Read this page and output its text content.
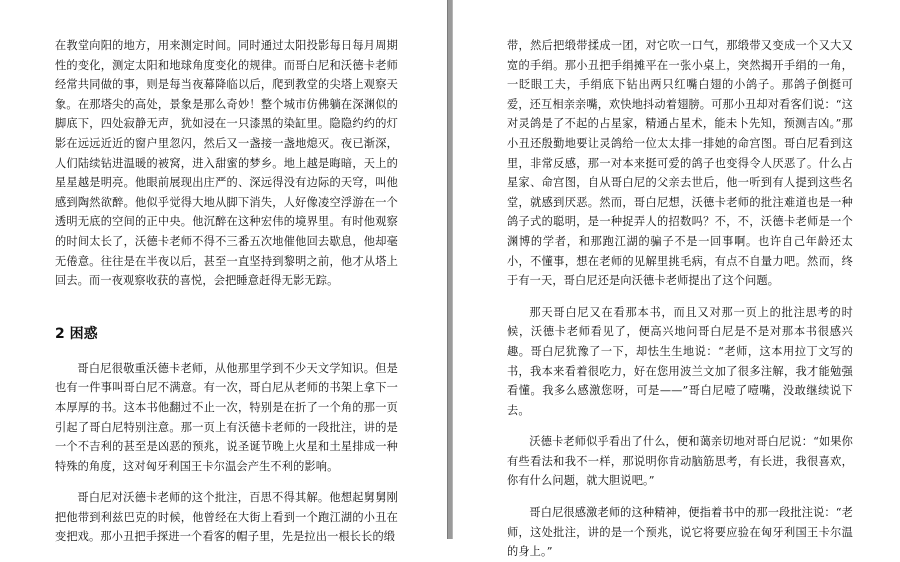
在教堂向阳的地方，用来测定时间。同时通过太阳投影每日每月周期性的变化，测定太阳和地球角度变化的规律。而哥白尼和沃德卡老师经常共同做的事，则是每当夜幕降临以后，爬到教堂的尖塔上观察天象。在那塔尖的高处，景象是那么奇妙！整个城市仿佛躺在深渊似的脚底下，四处寂静无声，犹如浸在一只漆黑的染缸里。隐隐约约的灯影在远远近近的窗户里忽闪，然后又一盏接一盏地熄灭。夜已渐深，人们陆续钻进温暖的被窝，进入甜蜜的梦乡。地上越是晦暗，天上的星星越是明亮。他眼前展现出庄严的、深远得没有边际的天穹，叫他感到陶然欲醉。他似乎觉得大地从脚下消失，人好像凌空浮游在一个透明无底的空间的正中央。他沉醉在这种宏伟的境界里。有时他观察的时间太长了，沃德卡老师不得不三番五次地催他回去歇息，他却毫无倦意。往往是在半夜以后，甚至一直坚持到黎明之前，他才从塔上回去。而一夜观察收获的喜悦，会把睡意赶得无影无踪。

2 困惑

哥白尼很敬重沃德卡老师，从他那里学到不少天文学知识。但是也有一件事叫哥白尼不满意。有一次，哥白尼从老师的书架上拿下一本厚厚的书。这本书他翻过不止一次，特别是在折了一个角的那一页引起了哥白尼特别注意。那一页上有沃德卡老师的一段批注，讲的是一个不吉利的甚至是凶恶的预兆，说圣诞节晚上火星和土星排成一种特殊的角度，这对匈牙利国王卡尔温会产生不利的影响。

哥白尼对沃德卡老师的这个批注，百思不得其解。他想起舅舅刚把他带到利兹巴克的时候，他曾经在大街上看到一个跑江湖的小丑在变把戏。那小丑把手探进一个看客的帽子里，先是拉出一根长长的缎

带，然后把缎带揉成一团，对它吹一口气，那缎带又变成一个又大又宽的手绢。那小丑把手绢摊平在一张小桌上，突然揭开手绢的一角，一眨眼工夫，手绢底下钻出两只红嘴白翅的小鸽子。那鸽子倒挺可爱，还互相亲亲嘴，欢快地抖动着翅膀。可那小丑却对看客们说：“这对灵鸽是了不起的占星家，精通占星术，能未卜先知，预测吉凶。”那小丑还殷勤地要让灵鸽给一位太太排一排她的命宫图。哥白尼看到这里，非常反感，那一对本来挺可爱的鸽子也变得令人厌恶了。什么占星家、命宫图，自从哥白尼的父亲去世后，他一听到有人提到这些名堂，就感到厌恶。然而，哥白尼想，沃德卡老师的批注难道也是一种鸽子式的聪明，是一种捉弄人的招数吗？不，不，沃德卡老师是一个渊博的学者，和那跑江湖的骗子不是一回事啊。也许自己年龄还太小，不懂事，想在老师的见解里挑毛病，有点不自量力吧。然而，终于有一天，哥白尼还是向沃德卡老师提出了这个问题。

那天哥白尼又在看那本书，而且又对那一页上的批注思考的时候，沃德卡老师看见了，便高兴地问哥白尼是不是对那本书很感兴趣。哥白尼犹豫了一下，却怯生生地说：“老师，这本用拉丁文写的书，我本来看着很吃力，好在您用波兰文加了很多注解，我才能勉强看懂。我多么感激您呀，可是——”哥白尼噎了噎嘴，没敢继续说下去。

沃德卡老师似乎看出了什么，便和蔼亲切地对哥白尼说：“如果你有些看法和我不一样，那说明你肯动脑筋思考，有长进，我很喜欢，你有什么问题，就大胆说吧。”

哥白尼很感激老师的这种精神，便指着书中的那一段批注说：“老师，这处批注，讲的是一个预兆，说它将要应验在匈牙利国王卡尔温的身上。”
